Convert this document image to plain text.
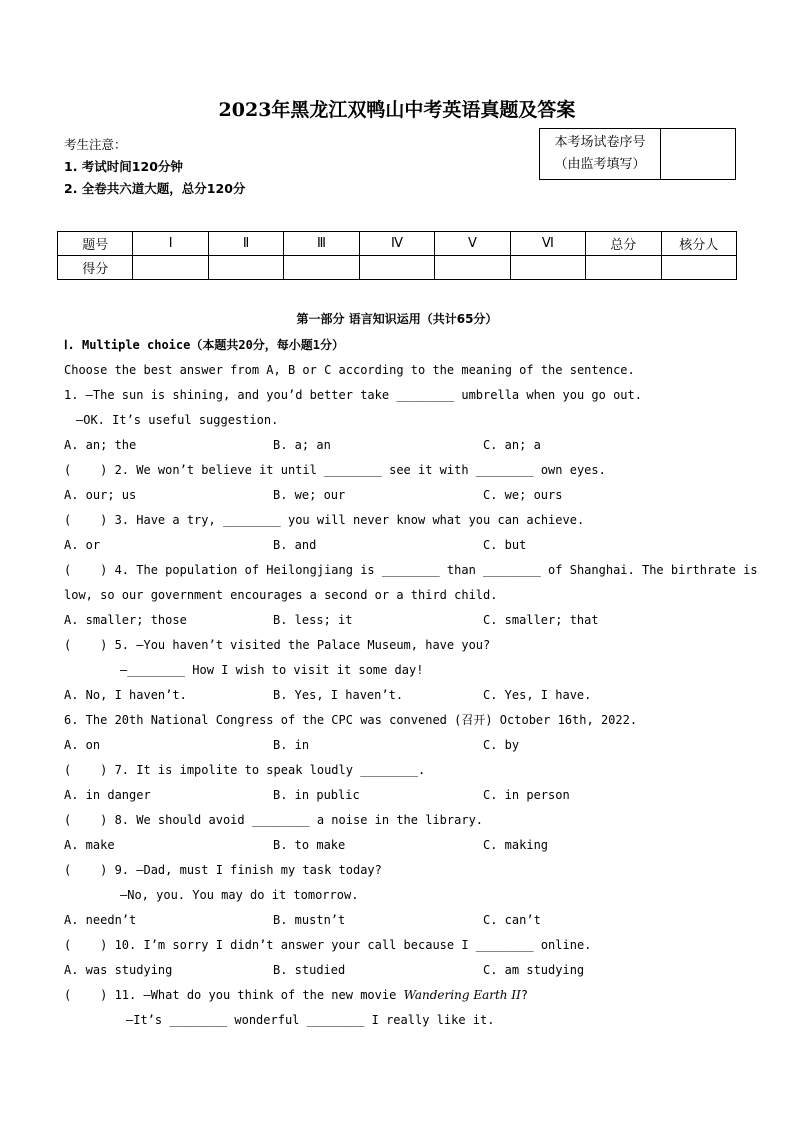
2023年黑龙江双鸭山中考英语真题及答案
考生注意：
1. 考试时间120分钟
2. 全卷共六道大题，总分120分
本考场试卷序号
（由监考填写）

题号	Ⅰ	Ⅱ	Ⅲ	Ⅳ	Ⅴ	Ⅵ	总分	核分人
得分								
第一部分 语言知识运用（共计65分）
Ⅰ. Multiple choice（本题共20分，每小题1分）
Choose the best answer from A, B or C according to the meaning of the sentence.
1. —The sun is shining, and you’d better take ________ umbrella when you go out.
—OK. It’s useful suggestion.

A. an; the

	B. a; an

	C. an; a

(    ) 2. We won’t believe it until ________ see it with ________ own eyes.

A. our; us

	B. we; our

	C. we; ours

(    ) 3. Have a try, ________ you will never know what you can achieve.

A. or

	B. and

	C. but

(    ) 4. The population of Heilongjiang is ________ than ________ of Shanghai. The birthrate is
low, so our government encourages a second or a third child.

A. smaller; those

	B. less; it

	C. smaller; that

(    ) 5. —You haven’t visited the Palace Museum, have you?
—________ How I wish to visit it some day!

A. No, I haven’t.

	B. Yes, I haven’t.

	C. Yes, I have.

6. The 20th National Congress of the CPC was convened (召开) October 16th, 2022.

A. on

	B. in

	C. by

(    ) 7. It is impolite to speak loudly ________.

A. in danger

	B. in public

	C. in person

(    ) 8. We should avoid ________ a noise in the library.

A. make

	B. to make

	C. making

(    ) 9. —Dad, must I finish my task today?
—No, you. You may do it tomorrow.

A. needn’t

	B. mustn’t

	C. can’t

(    ) 10. I’m sorry I didn’t answer your call because I ________ online.

A. was studying

	B. studied

	C. am studying

(    ) 11. —What do you think of the new movie Wandering Earth II?
—It’s ________ wonderful ________ I really like it.
